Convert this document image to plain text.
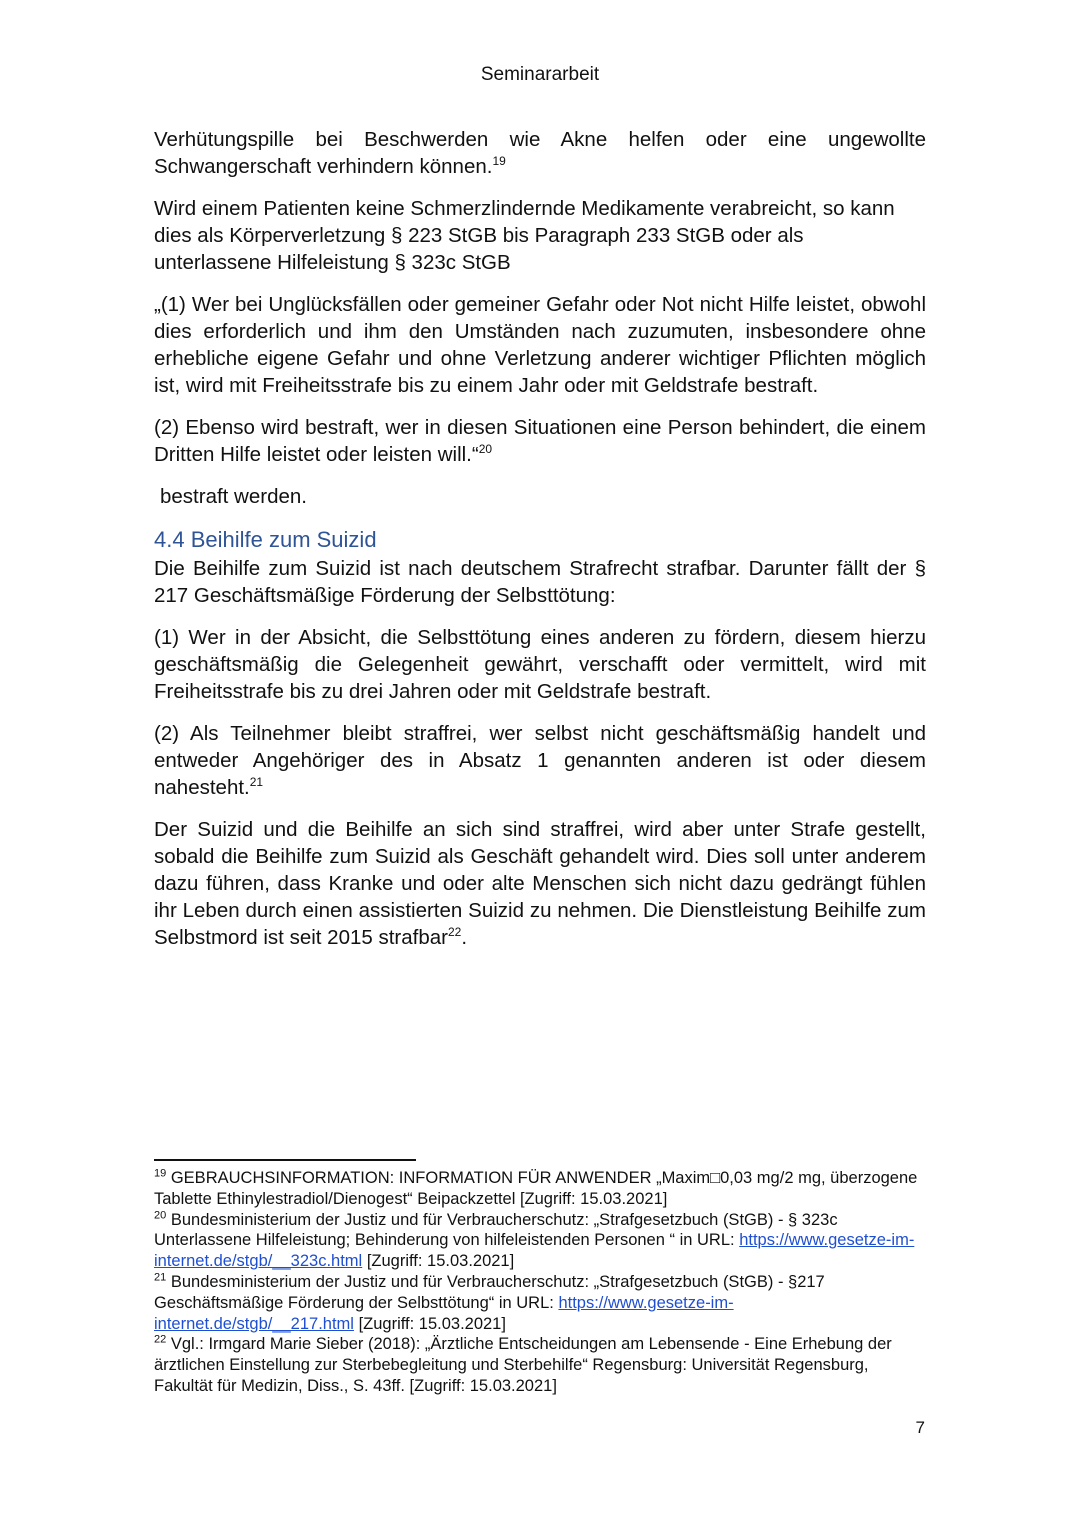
Seminararbeit

Verhütungspille bei Beschwerden wie Akne helfen oder eine ungewollte Schwangerschaft verhindern können.$^{19}$

Wird einem Patienten keine Schmerzlindernde Medikamente verabreicht, so kann dies als Körperverletzung § 223 StGB bis Paragraph 233 StGB oder als unterlassene Hilfeleistung § 323c StGB

„(1) Wer bei Unglücksfällen oder gemeiner Gefahr oder Not nicht Hilfe leistet, obwohl dies erforderlich und ihm den Umständen nach zuzumuten, insbesondere ohne erhebliche eigene Gefahr und ohne Verletzung anderer wichtiger Pflichten möglich ist, wird mit Freiheitsstrafe bis zu einem Jahr oder mit Geldstrafe bestraft.

(2) Ebenso wird bestraft, wer in diesen Situationen eine Person behindert, die einem Dritten Hilfe leistet oder leisten will.“$^{20}$

bestraft werden.

4.4 Beihilfe zum Suizid

Die Beihilfe zum Suizid ist nach deutschem Strafrecht strafbar. Darunter fällt der § 217 Geschäftsmäßige Förderung der Selbsttötung:

(1) Wer in der Absicht, die Selbsttötung eines anderen zu fördern, diesem hierzu geschäftsmäßig die Gelegenheit gewährt, verschafft oder vermittelt, wird mit Freiheitsstrafe bis zu drei Jahren oder mit Geldstrafe bestraft.

(2) Als Teilnehmer bleibt straffrei, wer selbst nicht geschäftsmäßig handelt und entweder Angehöriger des in Absatz 1 genannten anderen ist oder diesem nahesteht.$^{21}$

Der Suizid und die Beihilfe an sich sind straffrei, wird aber unter Strafe gestellt, sobald die Beihilfe zum Suizid als Geschäft gehandelt wird. Dies soll unter anderem dazu führen, dass Kranke und oder alte Menschen sich nicht dazu gedrängt fühlen ihr Leben durch einen assistierten Suizid zu nehmen. Die Dienstleistung Beihilfe zum Selbstmord ist seit 2015 strafbar$^{22}$.

$^{19}$ GEBRAUCHSINFORMATION: INFORMATION FÜR ANWENDER „Maxim□0,03 mg/2 mg, überzogene Tablette Ethinylestradiol/Dienogest“ Beipackzettel [Zugriff: 15.03.2021]

$^{20}$ Bundesministerium der Justiz und für Verbraucherschutz: „Strafgesetzbuch (StGB) - § 323c Unterlassene Hilfeleistung; Behinderung von hilfeleistenden Personen “ in URL: https://www.gesetze-im-internet.de/stgb/__323c.html [Zugriff: 15.03.2021]

$^{21}$ Bundesministerium der Justiz und für Verbraucherschutz: „Strafgesetzbuch (StGB) - §217 Geschäftsmäßige Förderung der Selbsttötung“ in URL: https://www.gesetze-im-internet.de/stgb/__217.html [Zugriff: 15.03.2021]

$^{22}$ Vgl.: Irmgard Marie Sieber (2018): „Ärztliche Entscheidungen am Lebensende - Eine Erhebung der ärztlichen Einstellung zur Sterbebegleitung und Sterbehilfe“ Regensburg: Universität Regensburg, Fakultät für Medizin, Diss., S. 43ff. [Zugriff: 15.03.2021]

7
